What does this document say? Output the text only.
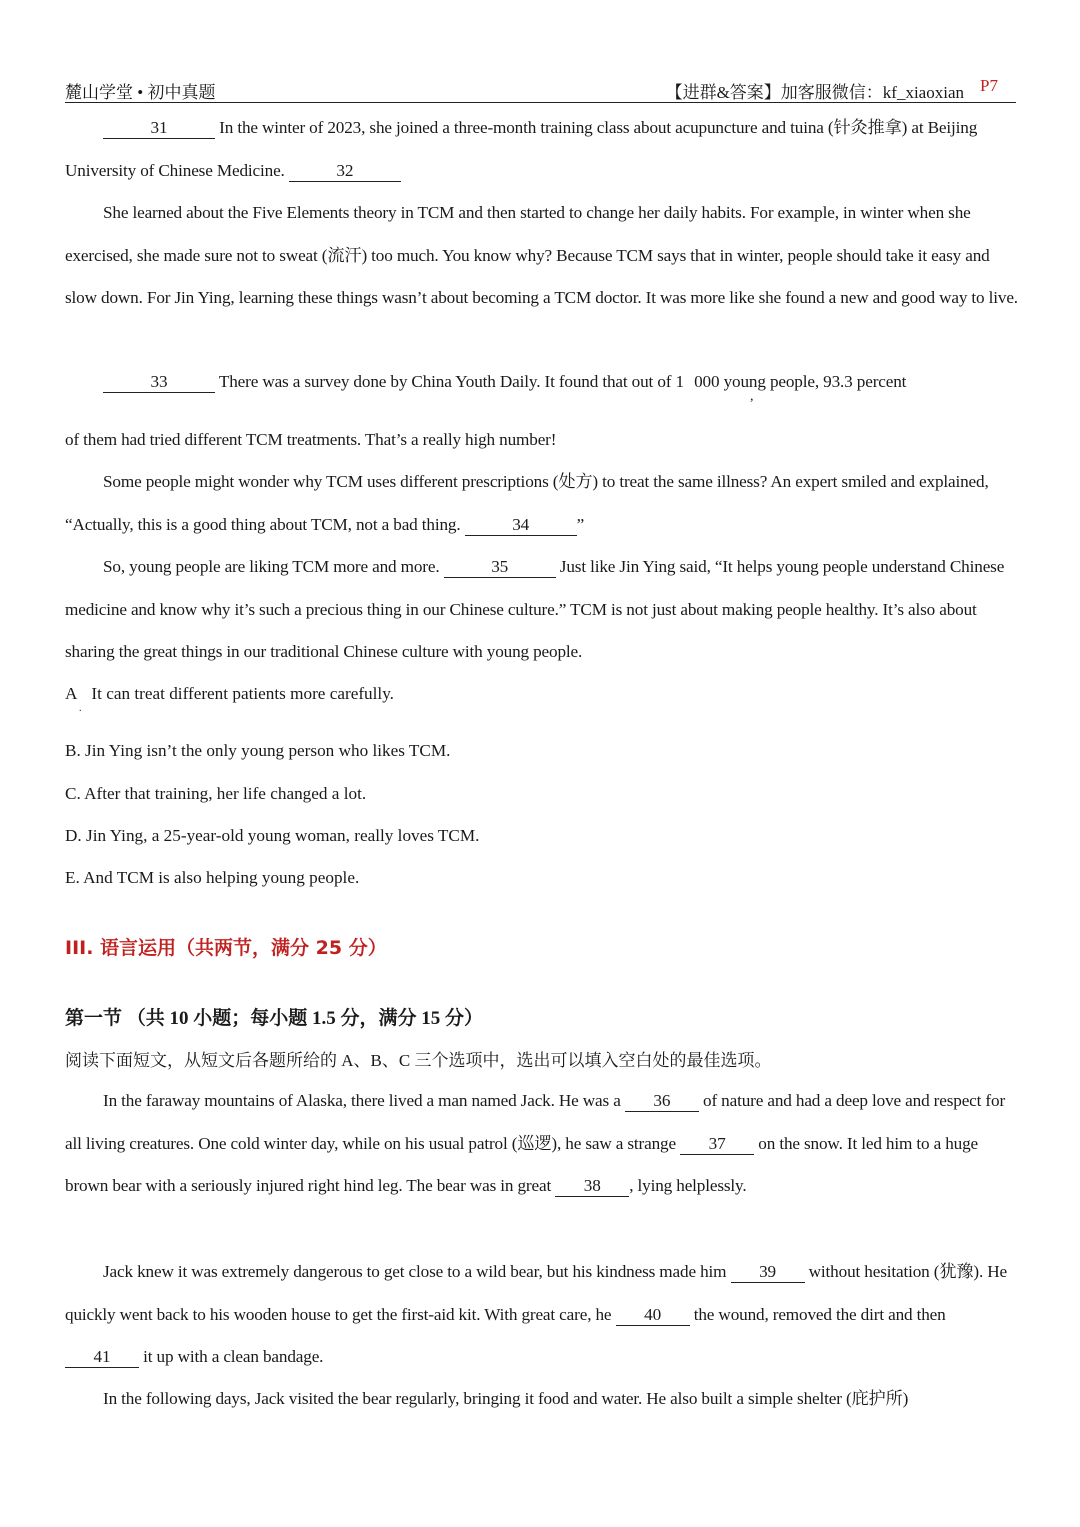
麓山学堂 • 初中真题	【进群&答案】加客服微信：kf_xiaoxian P7

31	In the winter of 2023, she joined a three-month training class about acupuncture and tuina (针灸推拿) at Beijing University of Chinese Medicine.	32

She learned about the Five Elements theory in TCM and then started to change her daily habits. For example, in winter when she exercised, she made sure not to sweat (流汗) too much. You know why? Because TCM says that in winter, people should take it easy and slow down. For Jin Ying, learning these things wasn’t about becoming a TCM doctor. It was more like she found a new and good way to live.

33	There was a survey done by China Youth Daily. It found that out of 1 000 young people, 93.3 percent

,

of them had tried different TCM treatments. That’s a really high number!

Some people might wonder why TCM uses different prescriptions (处方) to treat the same illness? An expert smiled and explained, “Actually, this is a good thing about TCM, not a bad thing.	34	”

So, young people are liking TCM more and more.	35	Just like Jin Ying said, “It helps young people understand Chinese medicine and know why it’s such a precious thing in our Chinese culture.” TCM is not just about making people healthy. It’s also about sharing the great things in our traditional Chinese culture with young people.

A It can treat different patients more carefully.

.

B. Jin Ying isn’t the only young person who likes TCM.

C. After that training, her life changed a lot.

D. Jin Ying, a 25-year-old young woman, really loves TCM.

E. And TCM is also helping young people.

III. 语言运用（共两节，满分 25 分）
第一节 （共 10 小题；每小题 1.5 分，满分 15 分）
阅读下面短文，从短文后各题所给的 A、B、C 三个选项中，选出可以填入空白处的最佳选项。

In the faraway mountains of Alaska, there lived a man named Jack. He was a 36 of nature and had a deep love and respect for all living creatures. One cold winter day, while on his usual patrol (巡逻), he saw a strange 37 on the snow. It led him to a huge brown bear with a seriously injured right hind leg. The bear was in great 38 , lying helplessly.

Jack knew it was extremely dangerous to get close to a wild bear, but his kindness made him 39 without hesitation (犹豫). He quickly went back to his wooden house to get the first-aid kit. With great care, he 40 the wound, removed the dirt and then 41 it up with a clean bandage.

In the following days, Jack visited the bear regularly, bringing it food and water. He also built a simple shelter (庇护所)
